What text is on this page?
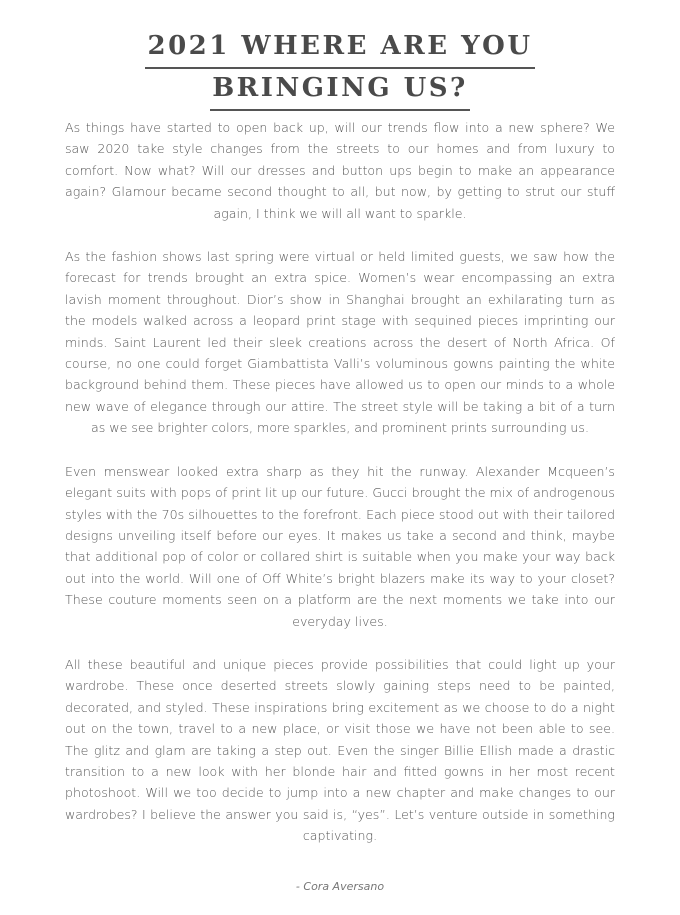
2021 WHERE ARE YOU
BRINGING US?

As things have started to open back up, will our trends flow into a new sphere? We saw 2020 take style changes from the streets to our homes and from luxury to comfort. Now what? Will our dresses and button ups begin to make an appearance again? Glamour became second thought to all, but now, by getting to strut our stuff again, I think we will all want to sparkle.

As the fashion shows last spring were virtual or held limited guests, we saw how the forecast for trends brought an extra spice. Women’s wear encompassing an extra lavish moment throughout. Dior’s show in Shanghai brought an exhilarating turn as the models walked across a leopard print stage with sequined pieces imprinting our minds. Saint Laurent led their sleek creations across the desert of North Africa. Of course, no one could forget Giambattista Valli’s voluminous gowns painting the white background behind them. These pieces have allowed us to open our minds to a whole new wave of elegance through our attire. The street style will be taking a bit of a turn as we see brighter colors, more sparkles, and prominent prints surrounding us.

Even menswear looked extra sharp as they hit the runway. Alexander Mcqueen’s elegant suits with pops of print lit up our future. Gucci brought the mix of androgenous styles with the 70s silhouettes to the forefront. Each piece stood out with their tailored designs unveiling itself before our eyes. It makes us take a second and think, maybe that additional pop of color or collared shirt is suitable when you make your way back out into the world. Will one of Off White’s bright blazers make its way to your closet? These couture moments seen on a platform are the next moments we take into our everyday lives.

All these beautiful and unique pieces provide possibilities that could light up your wardrobe. These once deserted streets slowly gaining steps need to be painted, decorated, and styled. These inspirations bring excitement as we choose to do a night out on the town, travel to a new place, or visit those we have not been able to see. The glitz and glam are taking a step out. Even the singer Billie Ellish made a drastic transition to a new look with her blonde hair and fitted gowns in her most recent photoshoot. Will we too decide to jump into a new chapter and make changes to our wardrobes? I believe the answer you said is, “yes”. Let’s venture outside in something captivating.

- Cora Aversano
